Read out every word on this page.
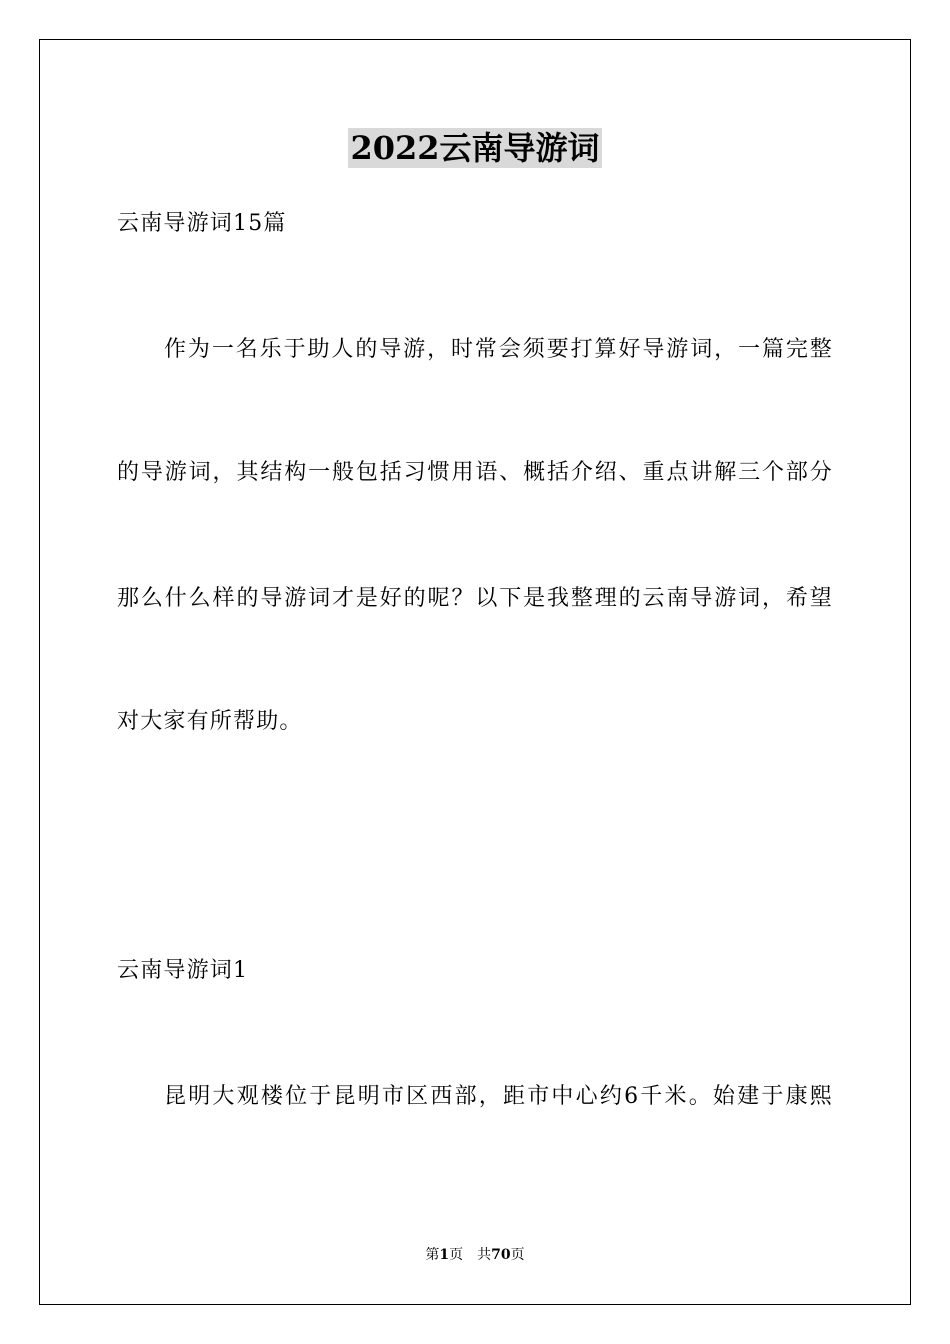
2022云南导游词
云南导游词15篇
作为一名乐于助人的导游，时常会须要打算好导游词，一篇完整
的导游词，其结构一般包括习惯用语、概括介绍、重点讲解三个部分
那么什么样的导游词才是好的呢？以下是我整理的云南导游词，希望
对大家有所帮助。
云南导游词1
昆明大观楼位于昆明市区西部，距市中心约6千米。始建于康熙
第1页　共70页
